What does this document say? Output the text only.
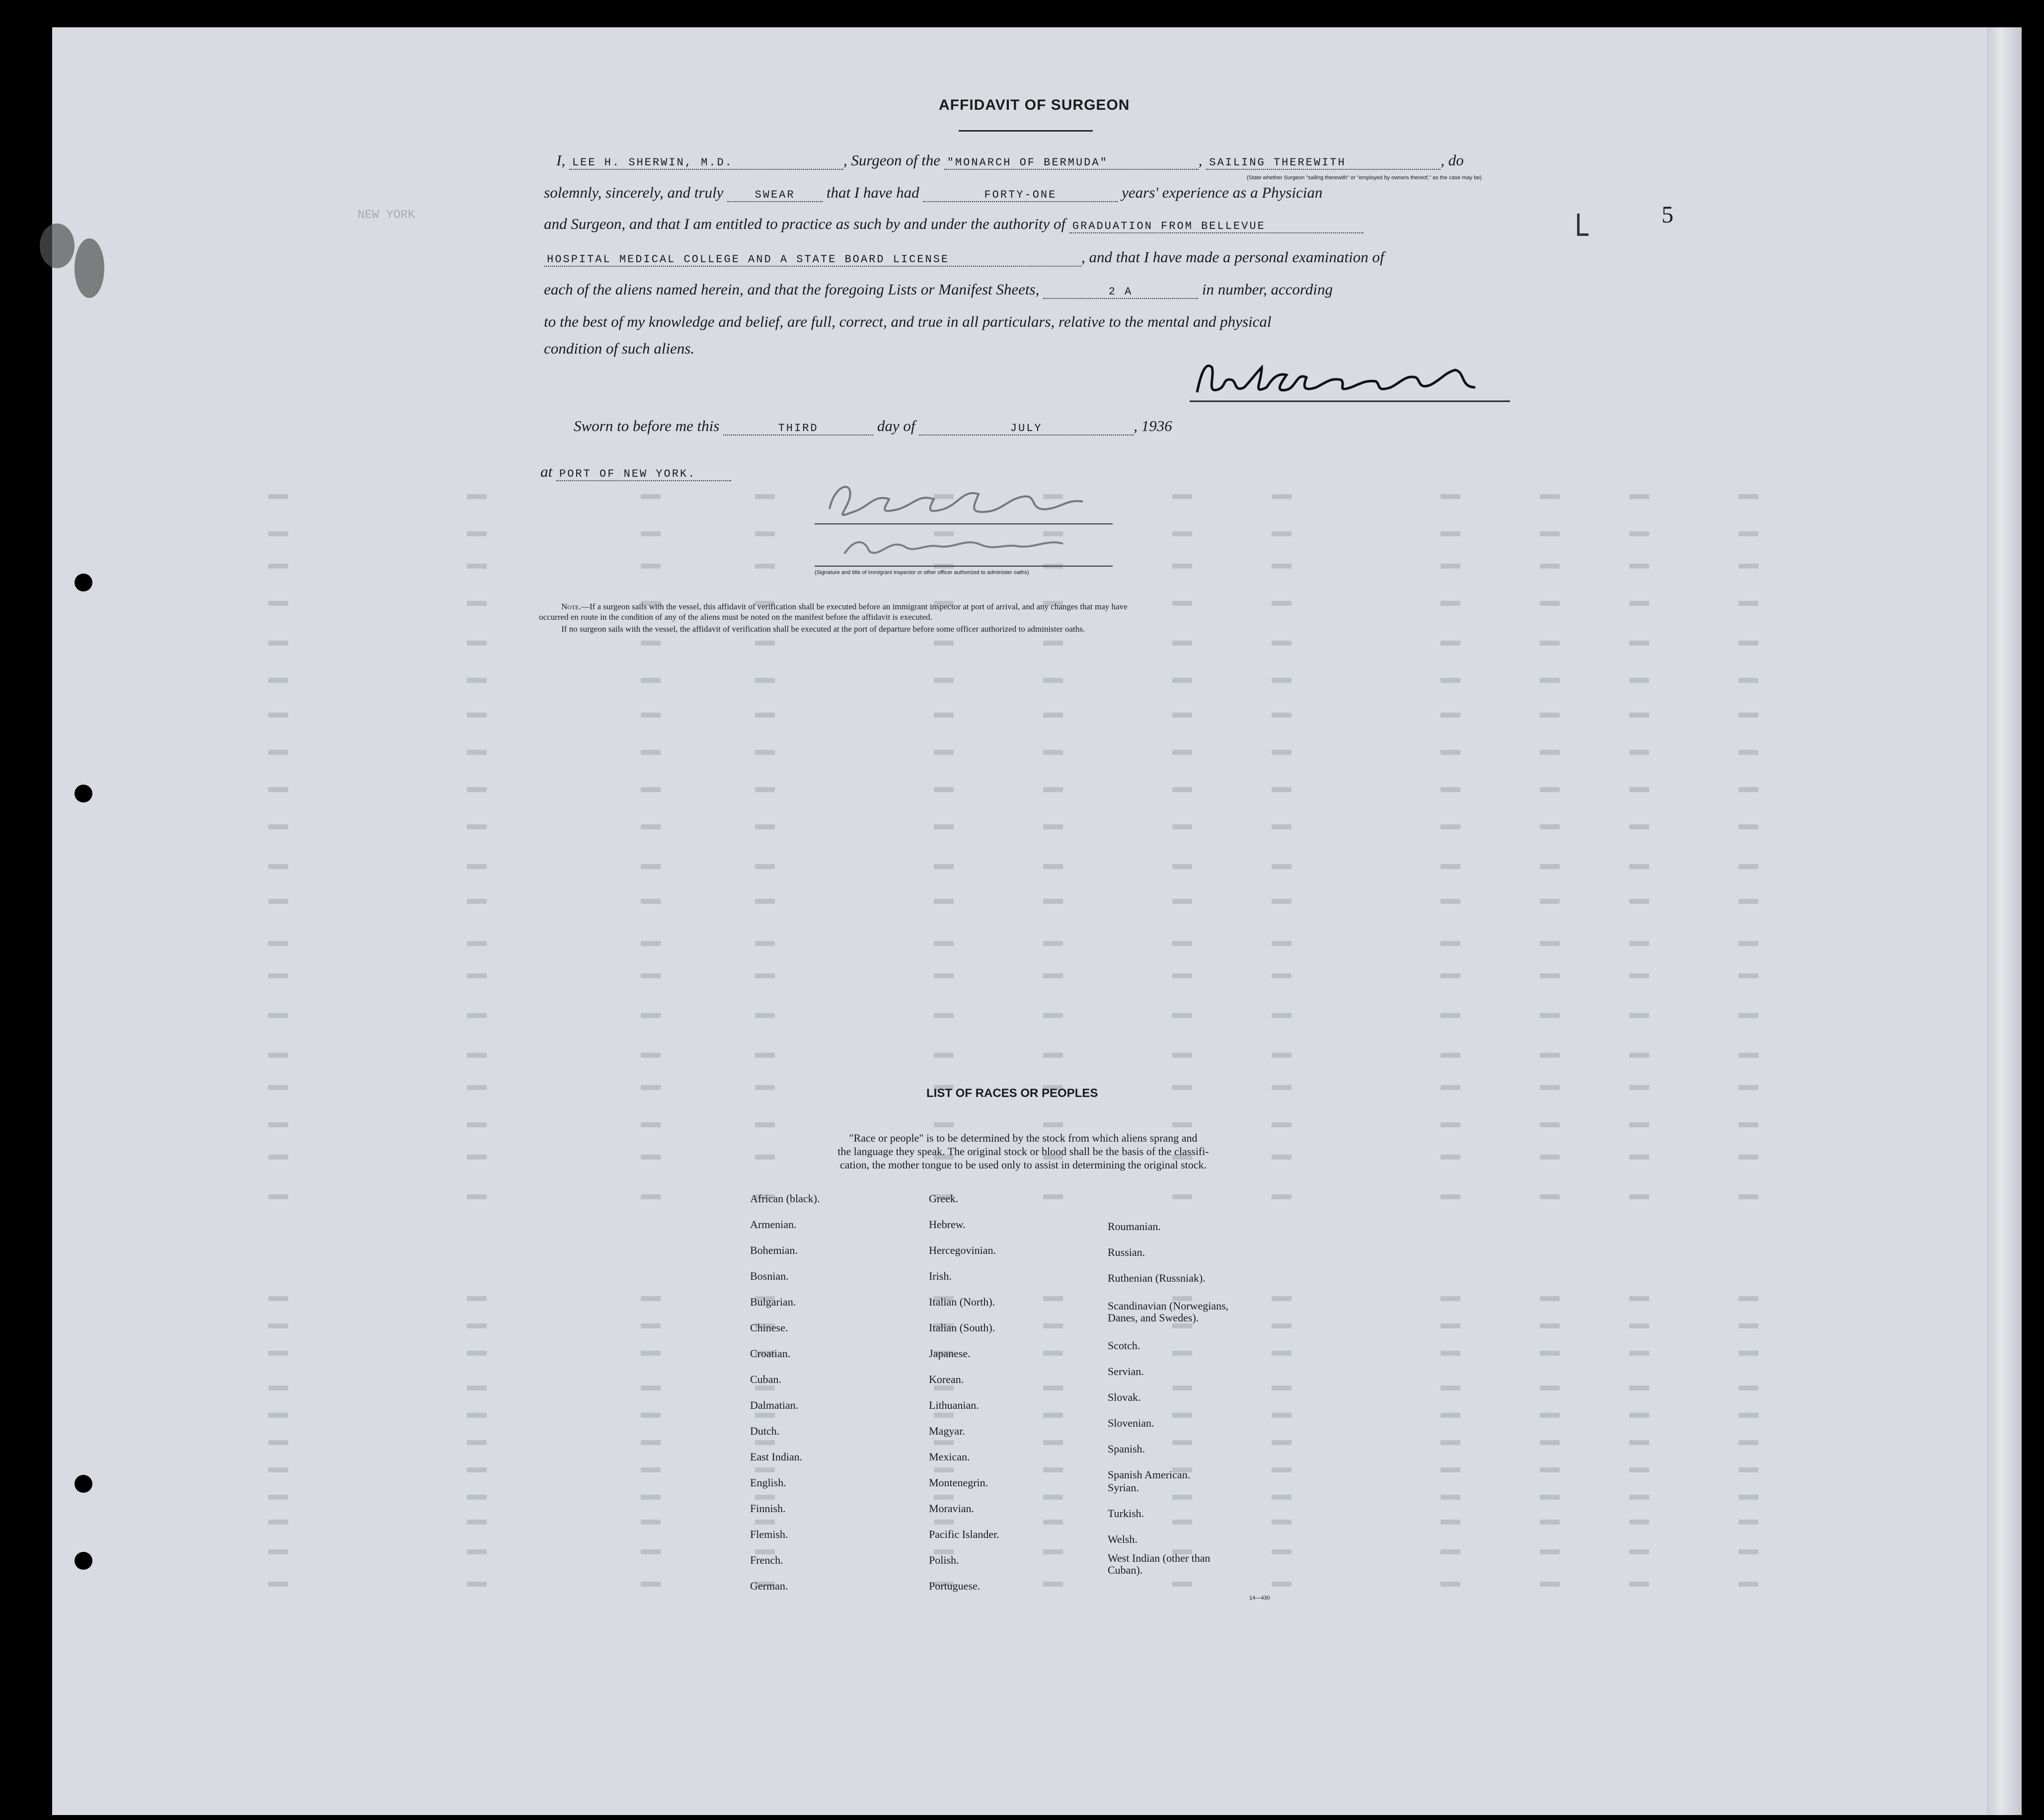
NEW YORK
AFFIDAVIT OF SURGEON
I, LEE H. SHERWIN, M.D.	, Surgeon of the "MONARCH OF BERMUDA"	, SAILING THEREWITH	, do
(State whether Surgeon "sailing therewith" or "employed by owners thereof," as the case may be)
solemnly, sincerely, and truly	SWEAR that I have had	FORTY-ONE	years' experience as a Physician
and Surgeon, and that I am entitled to practice as such by and under the authority of GRADUATION FROM BELLEVUE
HOSPITAL MEDICAL COLLEGE AND A STATE BOARD LICENSE	, and that I have made a personal examination of
each of the aliens named herein, and that the foregoing Lists or Manifest Sheets,	2 A	in number, according
to the best of my knowledge and belief, are full, correct, and true in all particulars, relative to the mental and physical
condition of such aliens.
Sworn to before me this	THIRD	day of	JULY	, 1936
at PORT OF NEW YORK.
(Signature and title of immigrant inspector or other officer authorized to administer oaths)
Note.—If a surgeon sails with the vessel, this affidavit of verification shall be executed before an immigrant inspector at port of arrival, and any changes that may have
occurred en route in the condition of any of the aliens must be noted on the manifest before the affidavit is executed.
If no surgeon sails with the vessel, the affidavit of verification shall be executed at the port of departure before some officer authorized to administer oaths.
5
LIST OF RACES OR PEOPLES
"Race or people" is to be determined by the stock from which aliens sprang and
the language they speak. The original stock or blood shall be the basis of the classifi-
cation, the mother tongue to be used only to assist in determining the original stock.
African (black).
Armenian.
Bohemian.
Bosnian.
Bulgarian.
Chinese.
Croatian.
Cuban.
Dalmatian.
Dutch.
East Indian.
English.
Finnish.
Flemish.
French.
German.
Greek.
Hebrew.
Hercegovinian.
Irish.
Italian (North).
Italian (South).
Japanese.
Korean.
Lithuanian.
Magyar.
Mexican.
Montenegrin.
Moravian.
Pacific Islander.
Polish.
Portuguese.
Roumanian.
Russian.
Ruthenian (Russniak).
Scandinavian (Norwegians,
Danes, and Swedes).
Scotch.
Servian.
Slovak.
Slovenian.
Spanish.
Spanish American.
Syrian.
Turkish.
Welsh.
West Indian (other than
Cuban).
14—430
